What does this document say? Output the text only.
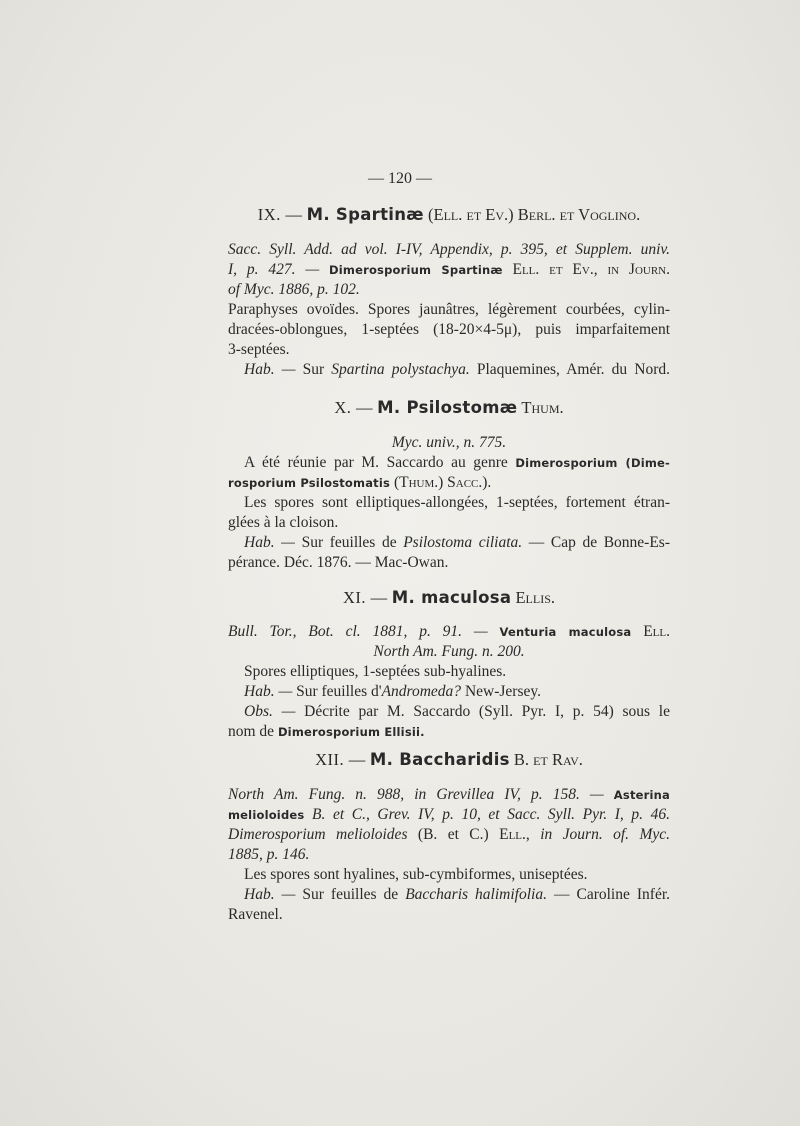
— 120 —
IX. — M. Spartinæ (Ell. et Ev.) Berl. et Voglino.
Sacc. Syll. Add. ad vol. I-IV, Appendix, p. 395, et Supplem. univ.
I, p. 427. — Dimerosporium Spartinæ Ell. et Ev., in Journ.
of Myc. 1886, p. 102.
Paraphyses ovoïdes. Spores jaunâtres, légèrement courbées, cylin-
dracées-oblongues, 1-septées (18-20×4-5μ), puis imparfaitement
3-septées.
Hab. — Sur Spartina polystachya. Plaquemines, Amér. du Nord.
X. — M. Psilostomæ Thum.
Myc. univ., n. 775.
A été réunie par M. Saccardo au genre Dimerosporium (Dime-
rosporium Psilostomatis (Thum.) Sacc.).
Les spores sont elliptiques-allongées, 1-septées, fortement étran-
glées à la cloison.
Hab. — Sur feuilles de Psilostoma ciliata. — Cap de Bonne-Es-
pérance. Déc. 1876. — Mac-Owan.
XI. — M. maculosa Ellis.
Bull. Tor., Bot. cl. 1881, p. 91. — Venturia maculosa Ell.
North Am. Fung. n. 200.
Spores elliptiques, 1-septées sub-hyalines.
Hab. — Sur feuilles d'Andromeda? New-Jersey.
Obs. — Décrite par M. Saccardo (Syll. Pyr. I, p. 54) sous le
nom de Dimerosporium Ellisii.
XII. — M. Baccharidis B. et Rav.
North Am. Fung. n. 988, in Grevillea IV, p. 158. — Asterina
melioloides B. et C., Grev. IV, p. 10, et Sacc. Syll. Pyr. I, p. 46.
Dimerosporium melioloides (B. et C.) Ell., in Journ. of. Myc.
1885, p. 146.
Les spores sont hyalines, sub-cymbiformes, uniseptées.
Hab. — Sur feuilles de Baccharis halimifolia. — Caroline Infér.
Ravenel.
